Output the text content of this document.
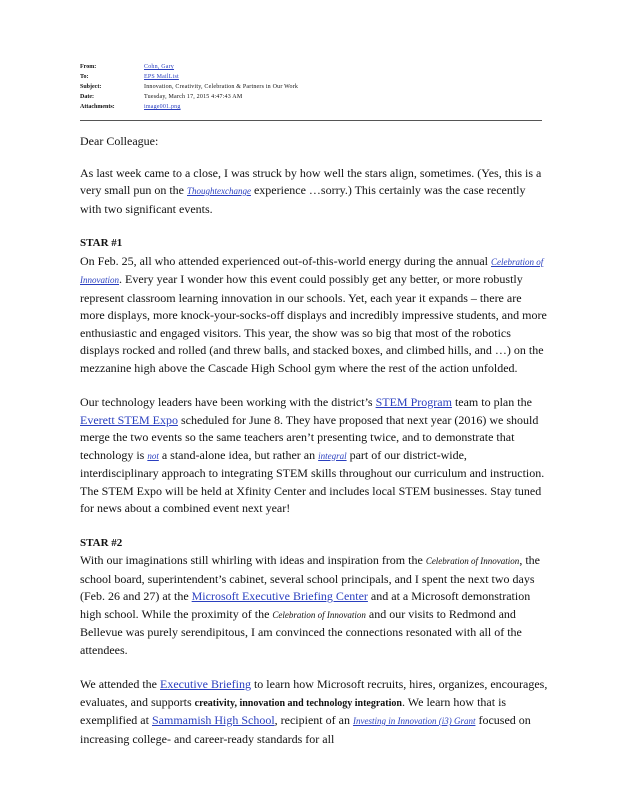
From:	Cohn, Gary
To:	EPS MailList
Subject:	Innovation, Creativity, Celebration & Partners in Our Work
Date:	Tuesday, March 17, 2015 4:47:43 AM
Attachments:	image001.png

Dear Colleague:

As last week came to a close, I was struck by how well the stars align, sometimes. (Yes, this is a very small pun on the Thoughtexchange experience …sorry.) This certainly was the case recently with two significant events.

STAR #1

On Feb. 25, all who attended experienced out-of-this-world energy during the annual Celebration of Innovation. Every year I wonder how this event could possibly get any better, or more robustly represent classroom learning innovation in our schools. Yet, each year it expands – there are more displays, more knock-your-socks-off displays and incredibly impressive students, and more enthusiastic and engaged visitors. This year, the show was so big that most of the robotics displays rocked and rolled (and threw balls, and stacked boxes, and climbed hills, and …) on the mezzanine high above the Cascade High School gym where the rest of the action unfolded.

Our technology leaders have been working with the district’s STEM Program team to plan the Everett STEM Expo scheduled for June 8. They have proposed that next year (2016) we should merge the two events so the same teachers aren’t presenting twice, and to demonstrate that technology is not a stand-alone idea, but rather an integral part of our district-wide, interdisciplinary approach to integrating STEM skills throughout our curriculum and instruction. The STEM Expo will be held at Xfinity Center and includes local STEM businesses. Stay tuned for news about a combined event next year!

STAR #2

With our imaginations still whirling with ideas and inspiration from the Celebration of Innovation, the school board, superintendent’s cabinet, several school principals, and I spent the next two days (Feb. 26 and 27) at the Microsoft Executive Briefing Center and at a Microsoft demonstration high school. While the proximity of the Celebration of Innovation and our visits to Redmond and Bellevue was purely serendipitous, I am convinced the connections resonated with all of the attendees.

We attended the Executive Briefing to learn how Microsoft recruits, hires, organizes, encourages, evaluates, and supports creativity, innovation and technology integration. We learn how that is exemplified at Sammamish High School, recipient of an Investing in Innovation (i3) Grant focused on increasing college- and career-ready standards for all
